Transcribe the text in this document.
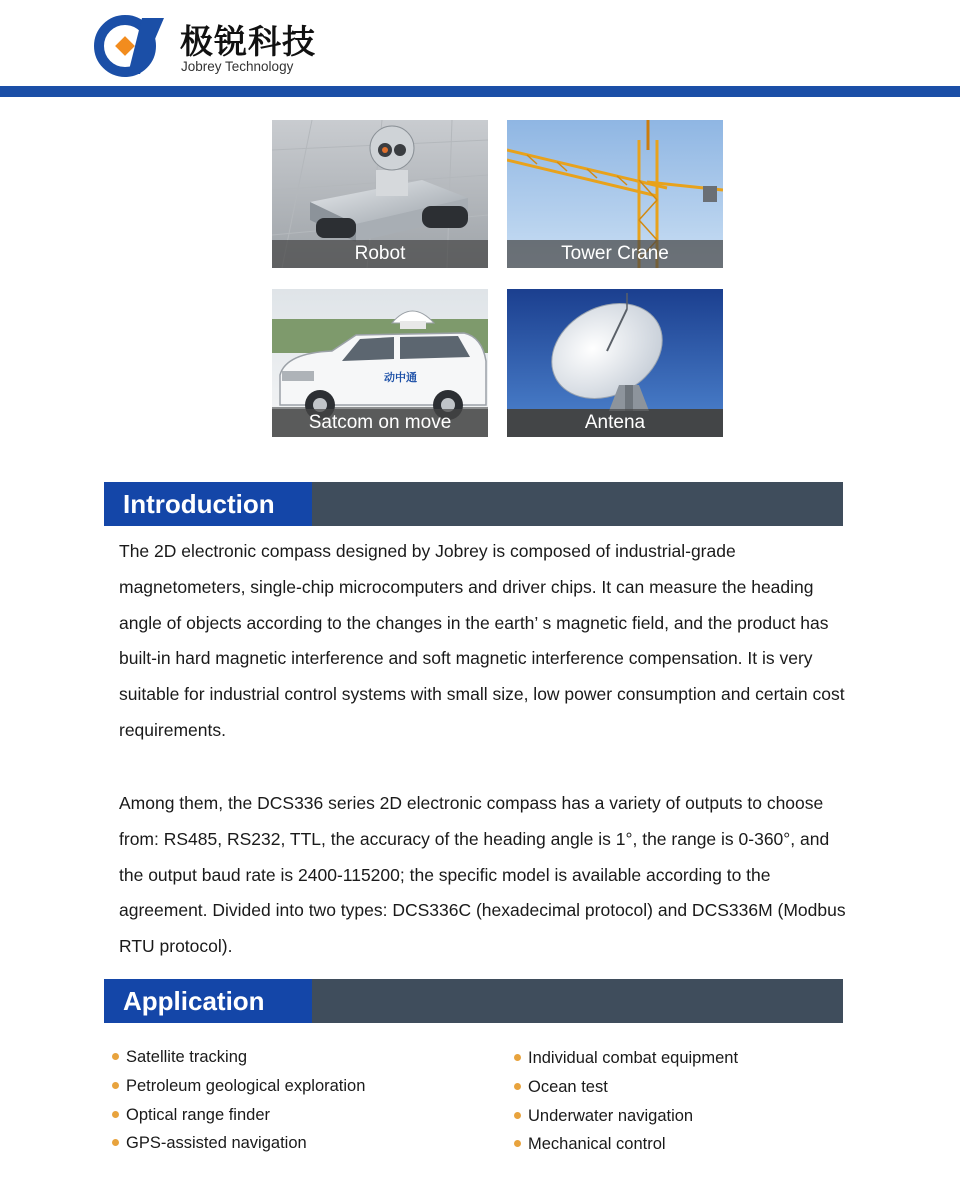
极锐科技
Jobrey Technology
Robot	Tower Crane
动中通
Satcom on move	Antena
Introduction

The 2D electronic compass designed by Jobrey is composed of industrial-grade magnetometers, single-chip microcomputers and driver chips. It can measure the heading angle of objects according to the changes in the earth’ s magnetic field, and the product has built-in hard magnetic interference and soft magnetic interference compensation. It is very suitable for industrial control systems with small size, low power consumption and certain cost requirements.

Among them, the DCS336 series 2D electronic compass has a variety of outputs to choose from: RS485, RS232, TTL, the accuracy of the heading angle is 1°, the range is 0-360°, and the output baud rate is 2400-115200; the specific model is available according to the agreement. Divided into two types: DCS336C (hexadecimal protocol) and DCS336M (Modbus RTU protocol).

Application
Satellite tracking
Petroleum geological exploration
Optical range finder
GPS-assisted navigation
Individual combat equipment
Ocean test
Underwater navigation
Mechanical control
